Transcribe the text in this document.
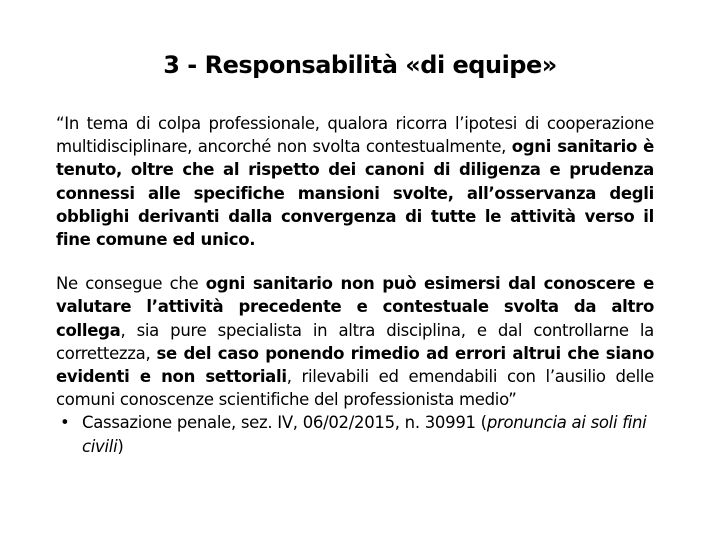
3 - Responsabilità «di equipe»

“In tema di colpa professionale, qualora ricorra l’ipotesi di cooperazione multidisciplinare, ancorché non svolta contestualmente, ogni sanitario è tenuto, oltre che al rispetto dei canoni di diligenza e prudenza connessi alle specifiche mansioni svolte, all’osservanza degli obblighi derivanti dalla convergenza di tutte le attività verso il fine comune ed unico.

Ne consegue che ogni sanitario non può esimersi dal conoscere e valutare l’attività precedente e contestuale svolta da altro collega, sia pure specialista in altra disciplina, e dal controllarne la correttezza, se del caso ponendo rimedio ad errori altrui che siano evidenti e non settoriali, rilevabili ed emendabili con l’ausilio delle comuni conoscenze scientifiche del professionista medio”

• Cassazione penale, sez. IV, 06/02/2015, n. 30991 (pronuncia ai soli fini civili)
